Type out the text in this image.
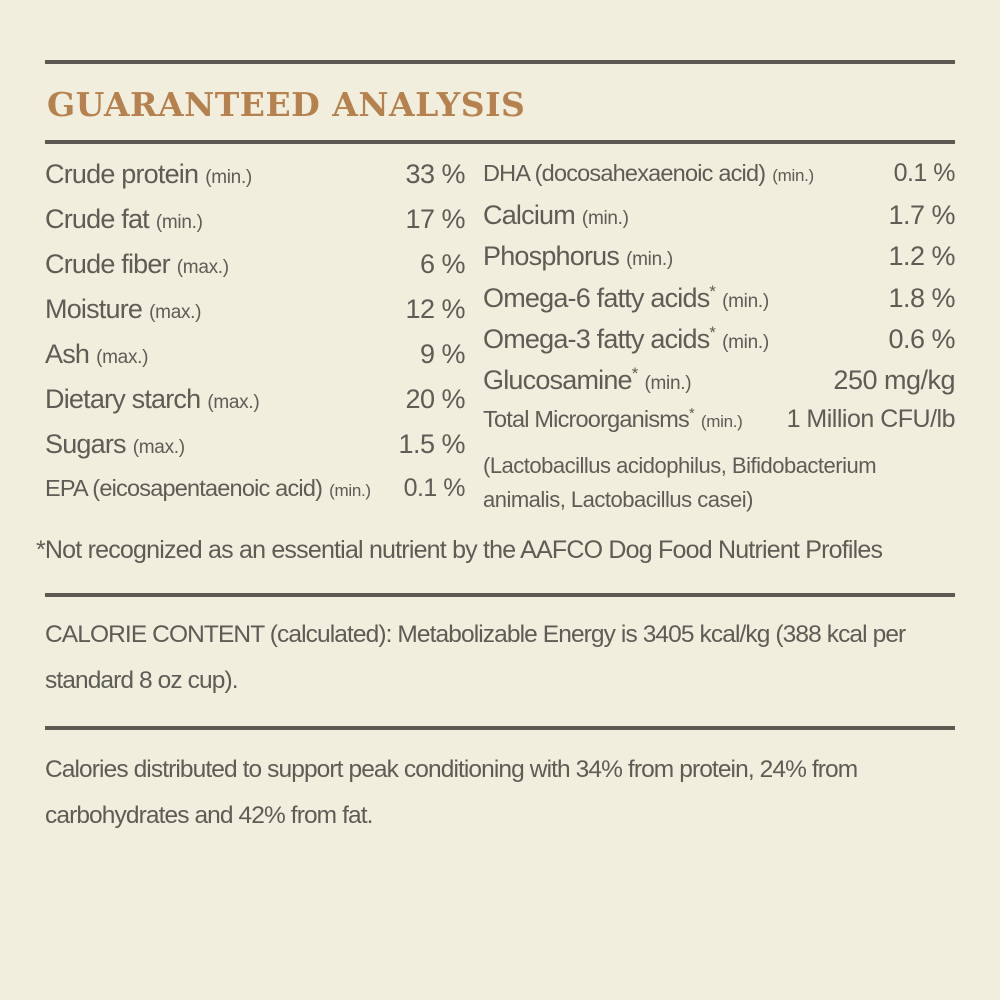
GUARANTEED ANALYSIS
Crude protein (min.)	33 %
Crude fat (min.)	17 %
Crude fiber (max.)	6 %
Moisture (max.)	12 %
Ash (max.)	9 %
Dietary starch (max.)	20 %
Sugars (max.)	1.5 %
EPA (eicosapentaenoic acid) (min.) 0.1 %
DHA (docosahexaenoic acid) (min.)	0.1 %
Calcium (min.)	1.7 %
Phosphorus (min.)	1.2 %
Omega-6 fatty acids* (min.)	1.8 %
Omega-3 fatty acids* (min.)	0.6 %
Glucosamine* (min.)	250 mg/kg
Total Microorganisms* (min.) 1 Million CFU/lb
(Lactobacillus acidophilus, Bifidobacterium animalis, Lactobacillus casei)

*Not recognized as an essential nutrient by the AAFCO Dog Food Nutrient Profiles

CALORIE CONTENT (calculated): Metabolizable Energy is 3405 kcal/kg (388 kcal per standard 8 oz cup).

Calories distributed to support peak conditioning with 34% from protein, 24% from carbohydrates and 42% from fat.
